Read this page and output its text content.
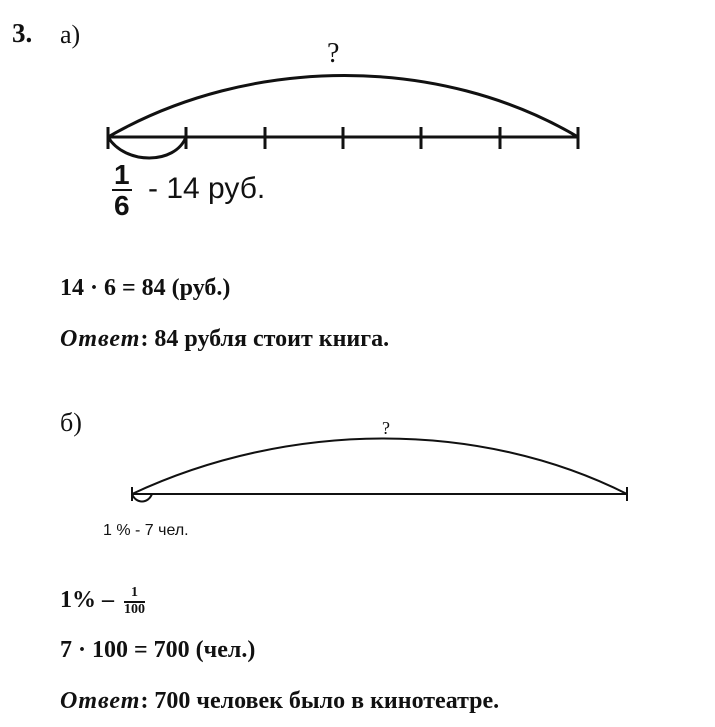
3. а)
?
$\frac{1}{6} - 14$ руб.
14 · 6 = 84 (руб.)
Ответ: 84 рубля стоит книга.
б)	?
1 % - 7 чел.
$1\% - \frac{1}{100}$
7 · 100 = 700 (чел.)
Ответ: 700 человек было в кинотеатре.
